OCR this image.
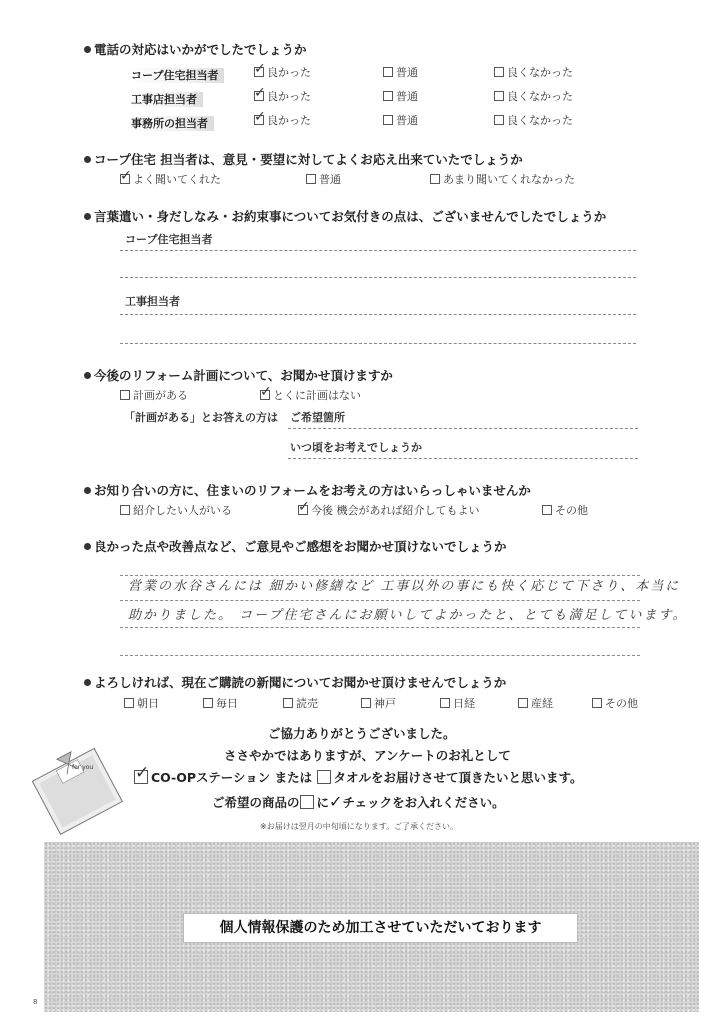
電話の対応はいかがでしたでしょうか
コープ住宅担当者	✓ 良かった	普通	良くなかった
工事店担当者	✓ 良かった	普通	良くなかった
事務所の担当者	✓ 良かった	普通	良くなかった
コープ住宅 担当者は、意見・要望に対してよくお応え出来ていたでしょうか
✓ よく聞いてくれた	普通	あまり聞いてくれなかった
言葉遣い・身だしなみ・お約束事についてお気付きの点は、ございませんでしたでしょうか
コープ住宅担当者
工事担当者
今後のリフォーム計画について、お聞かせ頂けますか
計画がある	✓ とくに計画はない
「計画がある」とお答えの方は ご希望箇所
いつ頃をお考えでしょうか
お知り合いの方に、住まいのリフォームをお考えの方はいらっしゃいませんか
紹介したい人がいる	✓ 今後 機会があれば紹介してもよい	その他
良かった点や改善点など、ご意見やご感想をお聞かせ頂けないでしょうか
営業の水谷さんには 細かい修繕など 工事以外の事にも快く応じて下さり、本当に
助かりました。 コープ住宅さんにお願いしてよかったと、とても満足しています。
よろしければ、現在ご購読の新聞についてお聞かせ頂けませんでしょうか
朝日	毎日	読売	神戸	日経	産経	その他
for you
ご協力ありがとうございました。
ささやかではありますが、アンケートのお礼として
✓ CO-OPステーション または タオルをお届けさせて頂きたいと思います。
ご希望の商品の に✓チェックをお入れください。
※お届けは翌月の中旬頃になります。ご了承ください。
個人情報保護のため加工させていただいております
8
